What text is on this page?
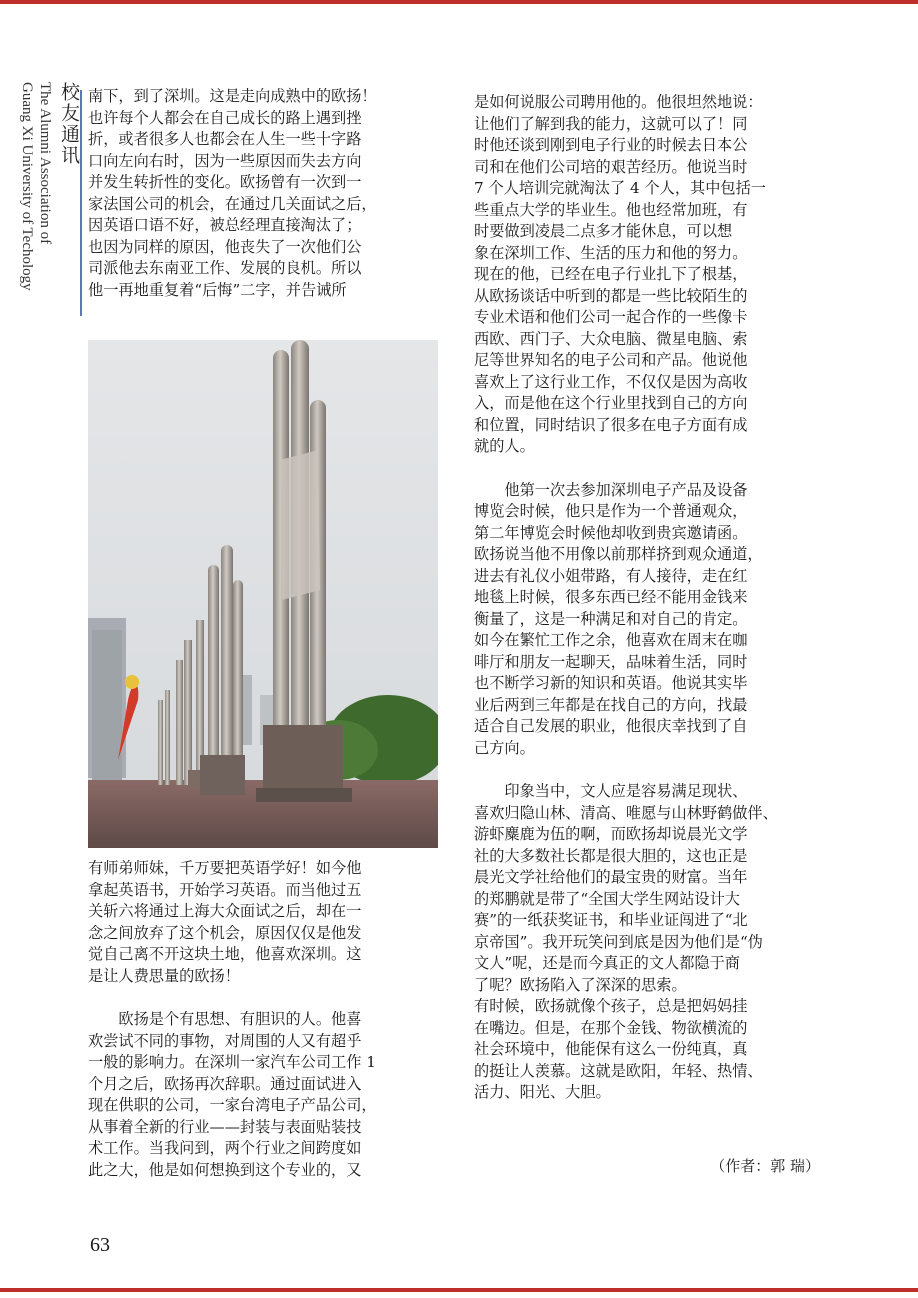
校友通讯
The Alumni Association of
Guang Xi University of Techology	南下，到了深圳。这是走向成熟中的欧扬！
也许每个人都会在自己成长的路上遇到挫
折，或者很多人也都会在人生一些十字路
口向左向右时，因为一些原因而失去方向
并发生转折性的变化。欧扬曾有一次到一
家法国公司的机会，在通过几关面试之后，
因英语口语不好，被总经理直接淘汰了；
也因为同样的原因，他丧失了一次他们公
司派他去东南亚工作、发展的良机。所以
他一再地重复着“后悔”二字，并告诫所

有师弟师妹，千万要把英语学好！如今他
拿起英语书，开始学习英语。而当他过五
关斩六将通过上海大众面试之后，却在一
念之间放弃了这个机会，原因仅仅是他发
觉自己离不开这块土地，他喜欢深圳。这
是让人费思量的欧扬！

欧扬是个有思想、有胆识的人。他喜
欢尝试不同的事物，对周围的人又有超乎
一般的影响力。在深圳一家汽车公司工作 1
个月之后，欧扬再次辞职。通过面试进入
现在供职的公司，一家台湾电子产品公司，
从事着全新的行业——封装与表面贴装技
术工作。当我问到，两个行业之间跨度如
此之大，他是如何想换到这个专业的，又

是如何说服公司聘用他的。他很坦然地说：
让他们了解到我的能力，这就可以了！同
时他还谈到刚到电子行业的时候去日本公
司和在他们公司培的艰苦经历。他说当时
7 个人培训完就淘汰了 4 个人，其中包括一
些重点大学的毕业生。他也经常加班，有
时要做到凌晨二点多才能休息，可以想
象在深圳工作、生活的压力和他的努力。
现在的他，已经在电子行业扎下了根基，
从欧扬谈话中听到的都是一些比较陌生的
专业术语和他们公司一起合作的一些像卡
西欧、西门子、大众电脑、微星电脑、索
尼等世界知名的电子公司和产品。他说他
喜欢上了这行业工作，不仅仅是因为高收
入，而是他在这个行业里找到自己的方向
和位置，同时结识了很多在电子方面有成
就的人。

他第一次去参加深圳电子产品及设备
博览会时候，他只是作为一个普通观众，
第二年博览会时候他却收到贵宾邀请函。
欧扬说当他不用像以前那样挤到观众通道，
进去有礼仪小姐带路，有人接待，走在红
地毯上时候，很多东西已经不能用金钱来
衡量了，这是一种满足和对自己的肯定。
如今在繁忙工作之余，他喜欢在周末在咖
啡厅和朋友一起聊天，品味着生活，同时
也不断学习新的知识和英语。他说其实毕
业后两到三年都是在找自己的方向，找最
适合自己发展的职业，他很庆幸找到了自
己方向。

印象当中，文人应是容易满足现状、
喜欢归隐山林、清高、唯愿与山林野鹤做伴、
游虾麋鹿为伍的啊，而欧扬却说晨光文学
社的大多数社长都是很大胆的，这也正是
晨光文学社给他们的最宝贵的财富。当年
的郑鹏就是带了“全国大学生网站设计大
赛”的一纸获奖证书，和毕业证闯进了“北
京帝国”。我开玩笑问到底是因为他们是“伪
文人”呢，还是而今真正的文人都隐于商
了呢？欧扬陷入了深深的思索。

有时候，欧扬就像个孩子，总是把妈妈挂
在嘴边。但是，在那个金钱、物欲横流的
社会环境中，他能保有这么一份纯真，真
的挺让人羡慕。这就是欧阳，年轻、热情、
活力、阳光、大胆。

（作者：郭 瑞）
63
